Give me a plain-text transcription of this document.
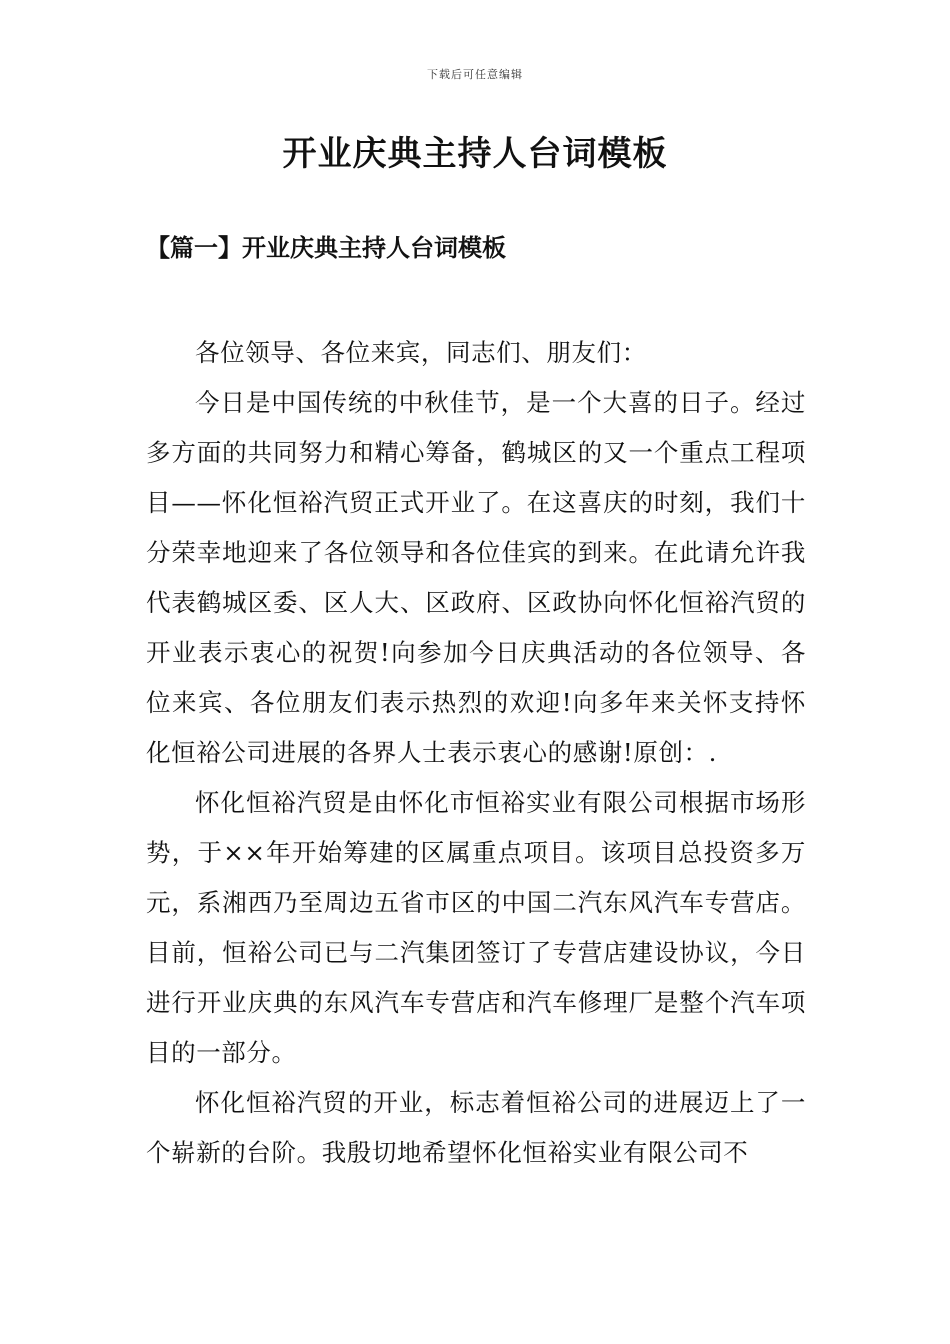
下载后可任意编辑
开业庆典主持人台词模板
【篇一】开业庆典主持人台词模板

各位领导、各位来宾，同志们、朋友们：

今日是中国传统的中秋佳节，是一个大喜的日子。经过多方面的共同努力和精心筹备，鹤城区的又一个重点工程项目——怀化恒裕汽贸正式开业了。在这喜庆的时刻，我们十分荣幸地迎来了各位领导和各位佳宾的到来。在此请允许我代表鹤城区委、区人大、区政府、区政协向怀化恒裕汽贸的开业表示衷心的祝贺!向参加今日庆典活动的各位领导、各位来宾、各位朋友们表示热烈的欢迎!向多年来关怀支持怀化恒裕公司进展的各界人士表示衷心的感谢!原创：.

怀化恒裕汽贸是由怀化市恒裕实业有限公司根据市场形势，于××年开始筹建的区属重点项目。该项目总投资多万元，系湘西乃至周边五省市区的中国二汽东风汽车专营店。目前，恒裕公司已与二汽集团签订了专营店建设协议，今日进行开业庆典的东风汽车专营店和汽车修理厂是整个汽车项目的一部分。

怀化恒裕汽贸的开业，标志着恒裕公司的进展迈上了一个崭新的台阶。我殷切地希望怀化恒裕实业有限公司不
